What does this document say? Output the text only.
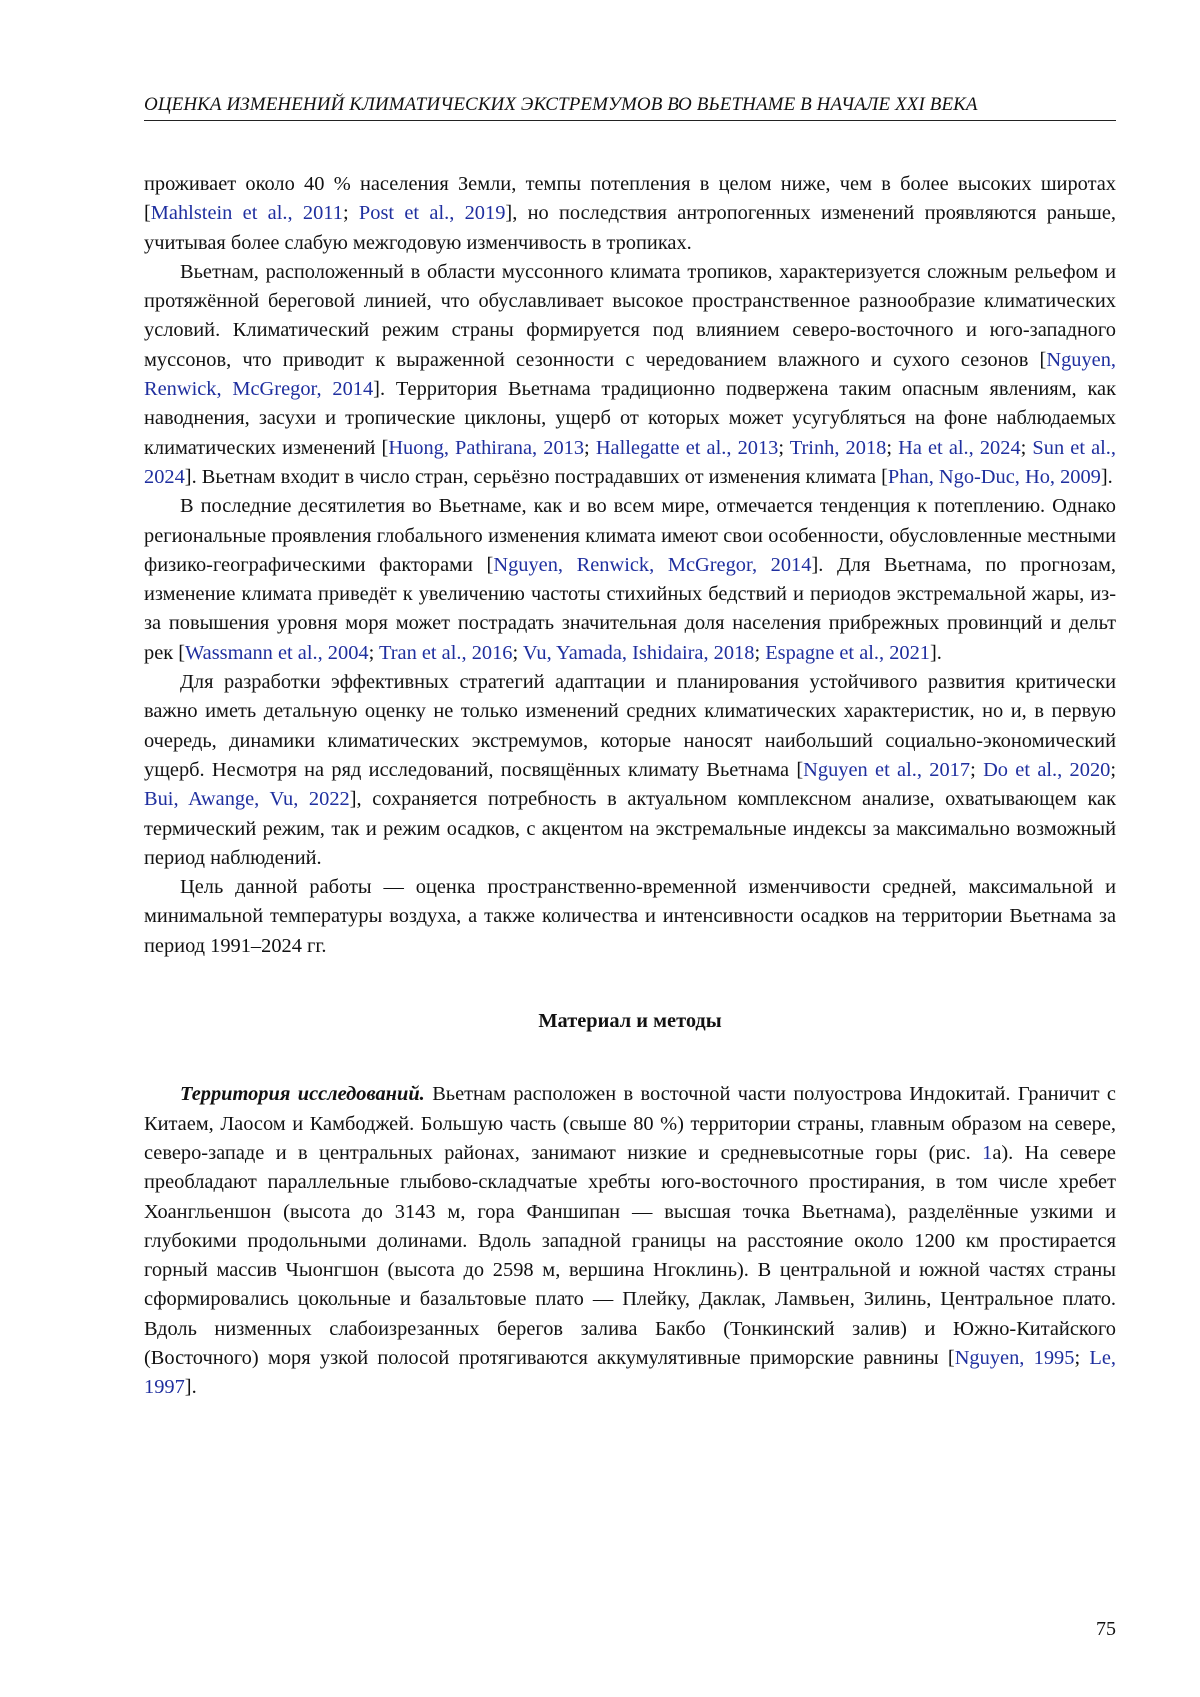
ОЦЕНКА ИЗМЕНЕНИЙ КЛИМАТИЧЕСКИХ ЭКСТРЕМУМОВ ВО ВЬЕТНАМЕ В НАЧАЛЕ XXI ВЕКА

проживает около 40 % населения Земли, темпы потепления в целом ниже, чем в более высоких широтах [Mahlstein et al., 2011; Post et al., 2019], но последствия антропогенных изменений проявляются раньше, учитывая более слабую межгодовую изменчивость в тропиках.

Вьетнам, расположенный в области муссонного климата тропиков, характеризуется сложным рельефом и протяжённой береговой линией, что обуславливает высокое пространственное разнообразие климатических условий. Климатический режим страны формируется под влиянием северо-восточного и юго-западного муссонов, что приводит к выраженной сезонности с чередованием влажного и сухого сезонов [Nguyen, Renwick, McGregor, 2014]. Территория Вьетнама традиционно подвержена таким опасным явлениям, как наводнения, засухи и тропические циклоны, ущерб от которых может усугубляться на фоне наблюдаемых климатических изменений [Huong, Pathirana, 2013; Hallegatte et al., 2013; Trinh, 2018; Ha et al., 2024; Sun et al., 2024]. Вьетнам входит в число стран, серьёзно пострадавших от изменения климата [Phan, Ngo-Duc, Ho, 2009].

В последние десятилетия во Вьетнаме, как и во всем мире, отмечается тенденция к потеплению. Однако региональные проявления глобального изменения климата имеют свои особенности, обусловленные местными физико-географическими факторами [Nguyen, Renwick, McGregor, 2014]. Для Вьетнама, по прогнозам, изменение климата приведёт к увеличению частоты стихийных бедствий и периодов экстремальной жары, из-за повышения уровня моря может пострадать значительная доля населения прибрежных провинций и дельт рек [Wassmann et al., 2004; Tran et al., 2016; Vu, Yamada, Ishidaira, 2018; Espagne et al., 2021].

Для разработки эффективных стратегий адаптации и планирования устойчивого развития критически важно иметь детальную оценку не только изменений средних климатических характеристик, но и, в первую очередь, динамики климатических экстремумов, которые наносят наибольший социально-экономический ущерб. Несмотря на ряд исследований, посвящённых климату Вьетнама [Nguyen et al., 2017; Do et al., 2020; Bui, Awange, Vu, 2022], сохраняется потребность в актуальном комплексном анализе, охватывающем как термический режим, так и режим осадков, с акцентом на экстремальные индексы за максимально возможный период наблюдений.

Цель данной работы — оценка пространственно-временной изменчивости средней, максимальной и минимальной температуры воздуха, а также количества и интенсивности осадков на территории Вьетнама за период 1991–2024 гг.

Материал и методы

Территория исследований. Вьетнам расположен в восточной части полуострова Индокитай. Граничит с Китаем, Лаосом и Камбоджей. Большую часть (свыше 80 %) территории страны, главным образом на севере, северо-западе и в центральных районах, занимают низкие и средневысотные горы (рис. 1а). На севере преобладают параллельные глыбово-складчатые хребты юго-восточного простирания, в том числе хребет Хоангльеншон (высота до 3143 м, гора Фаншипан — высшая точка Вьетнама), разделённые узкими и глубокими продольными долинами. Вдоль западной границы на расстояние около 1200 км простирается горный массив Чыонгшон (высота до 2598 м, вершина Нгоклинь). В центральной и южной частях страны сформировались цокольные и базальтовые плато — Плейку, Даклак, Ламвьен, Зилинь, Центральное плато. Вдоль низменных слабоизрезанных берегов залива Бакбо (Тонкинский залив) и Южно-Китайского (Восточного) моря узкой полосой протягиваются аккумулятивные приморские равнины [Nguyen, 1995; Le, 1997].

75
